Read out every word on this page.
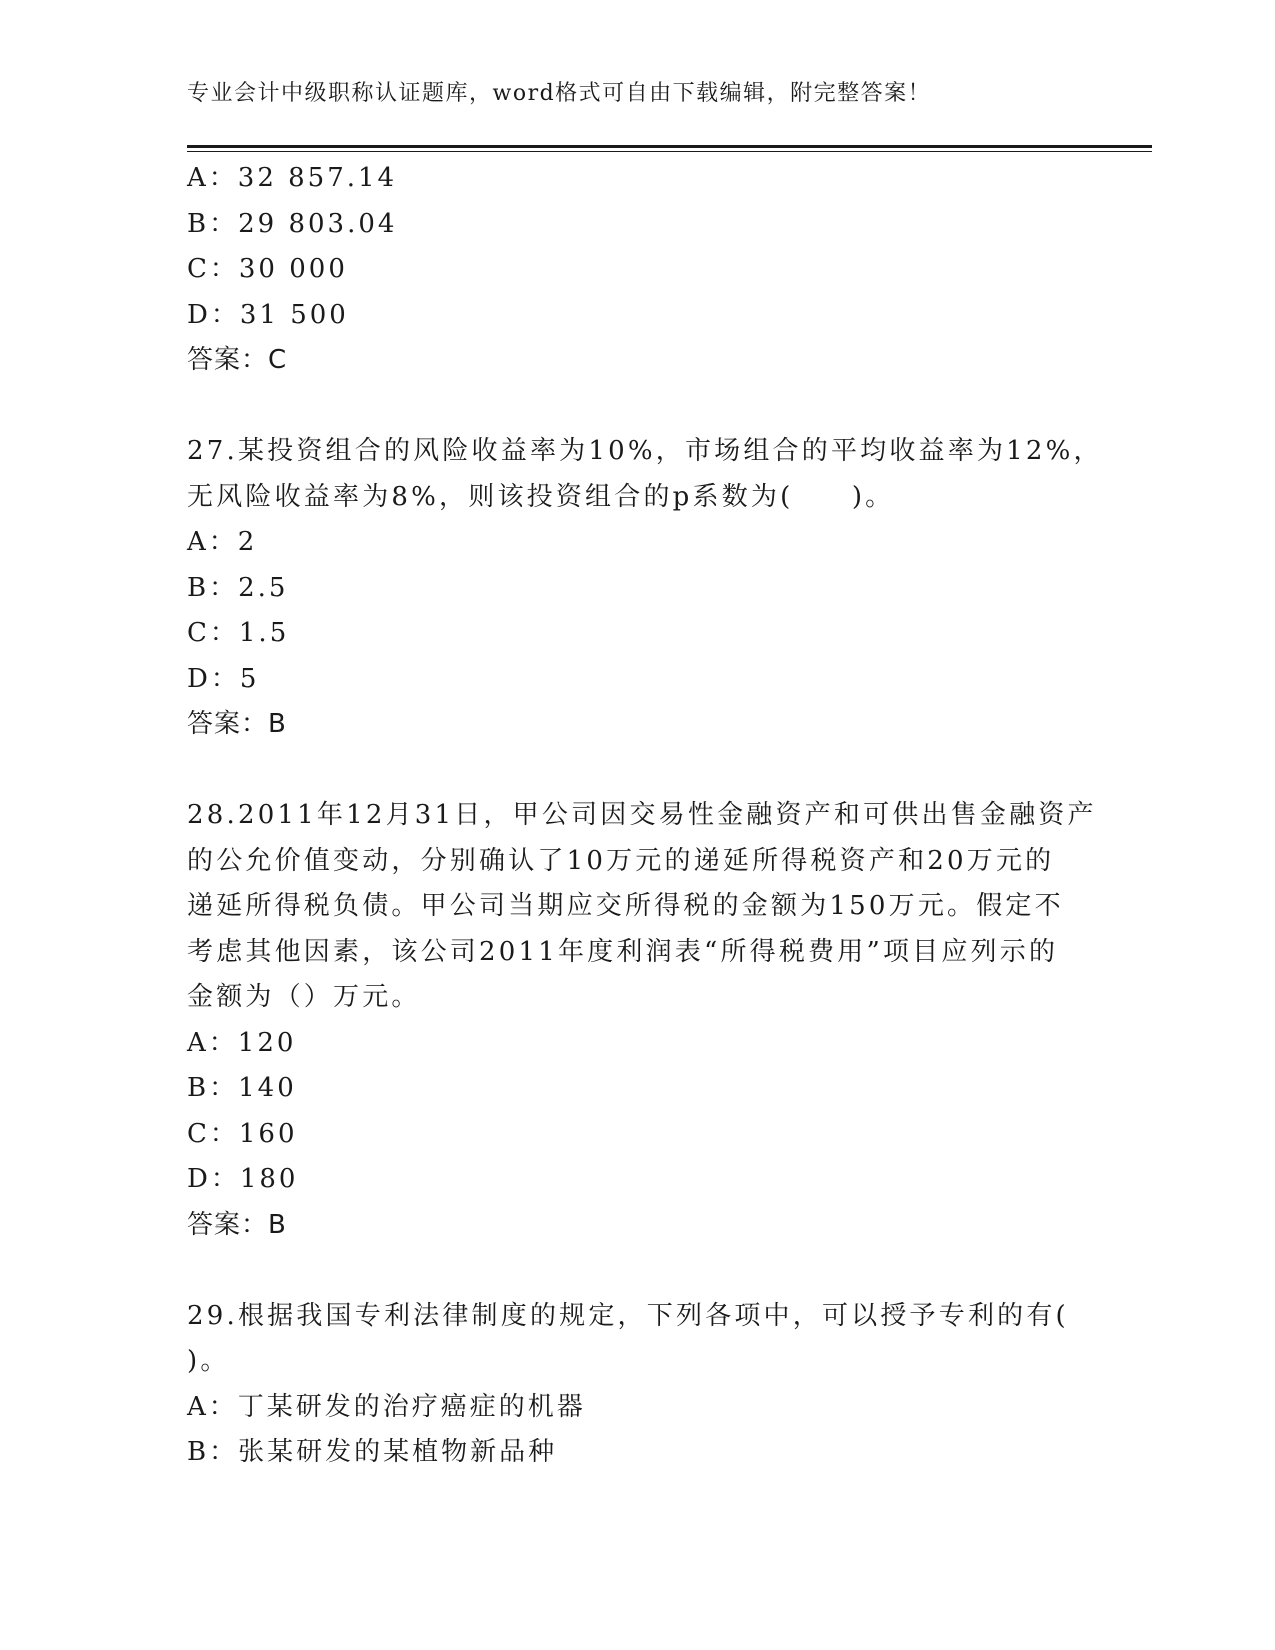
专业会计中级职称认证题库，word格式可自由下载编辑，附完整答案！
A：32 857.14
B：29 803.04
C：30 000
D：31 500
答案：C
27.某投资组合的风险收益率为10%，市场组合的平均收益率为12%，
无风险收益率为8%，则该投资组合的p系数为(　　)。
A：2
B：2.5
C：1.5
D：5
答案：B
28.2011年12月31日，甲公司因交易性金融资产和可供出售金融资产
的公允价值变动，分别确认了10万元的递延所得税资产和20万元的
递延所得税负债。甲公司当期应交所得税的金额为150万元。假定不
考虑其他因素，该公司2011年度利润表“所得税费用”项目应列示的
金额为（）万元。
A：120
B：140
C：160
D：180
答案：B
29.根据我国专利法律制度的规定，下列各项中，可以授予专利的有(
)。
A：丁某研发的治疗癌症的机器
B：张某研发的某植物新品种
